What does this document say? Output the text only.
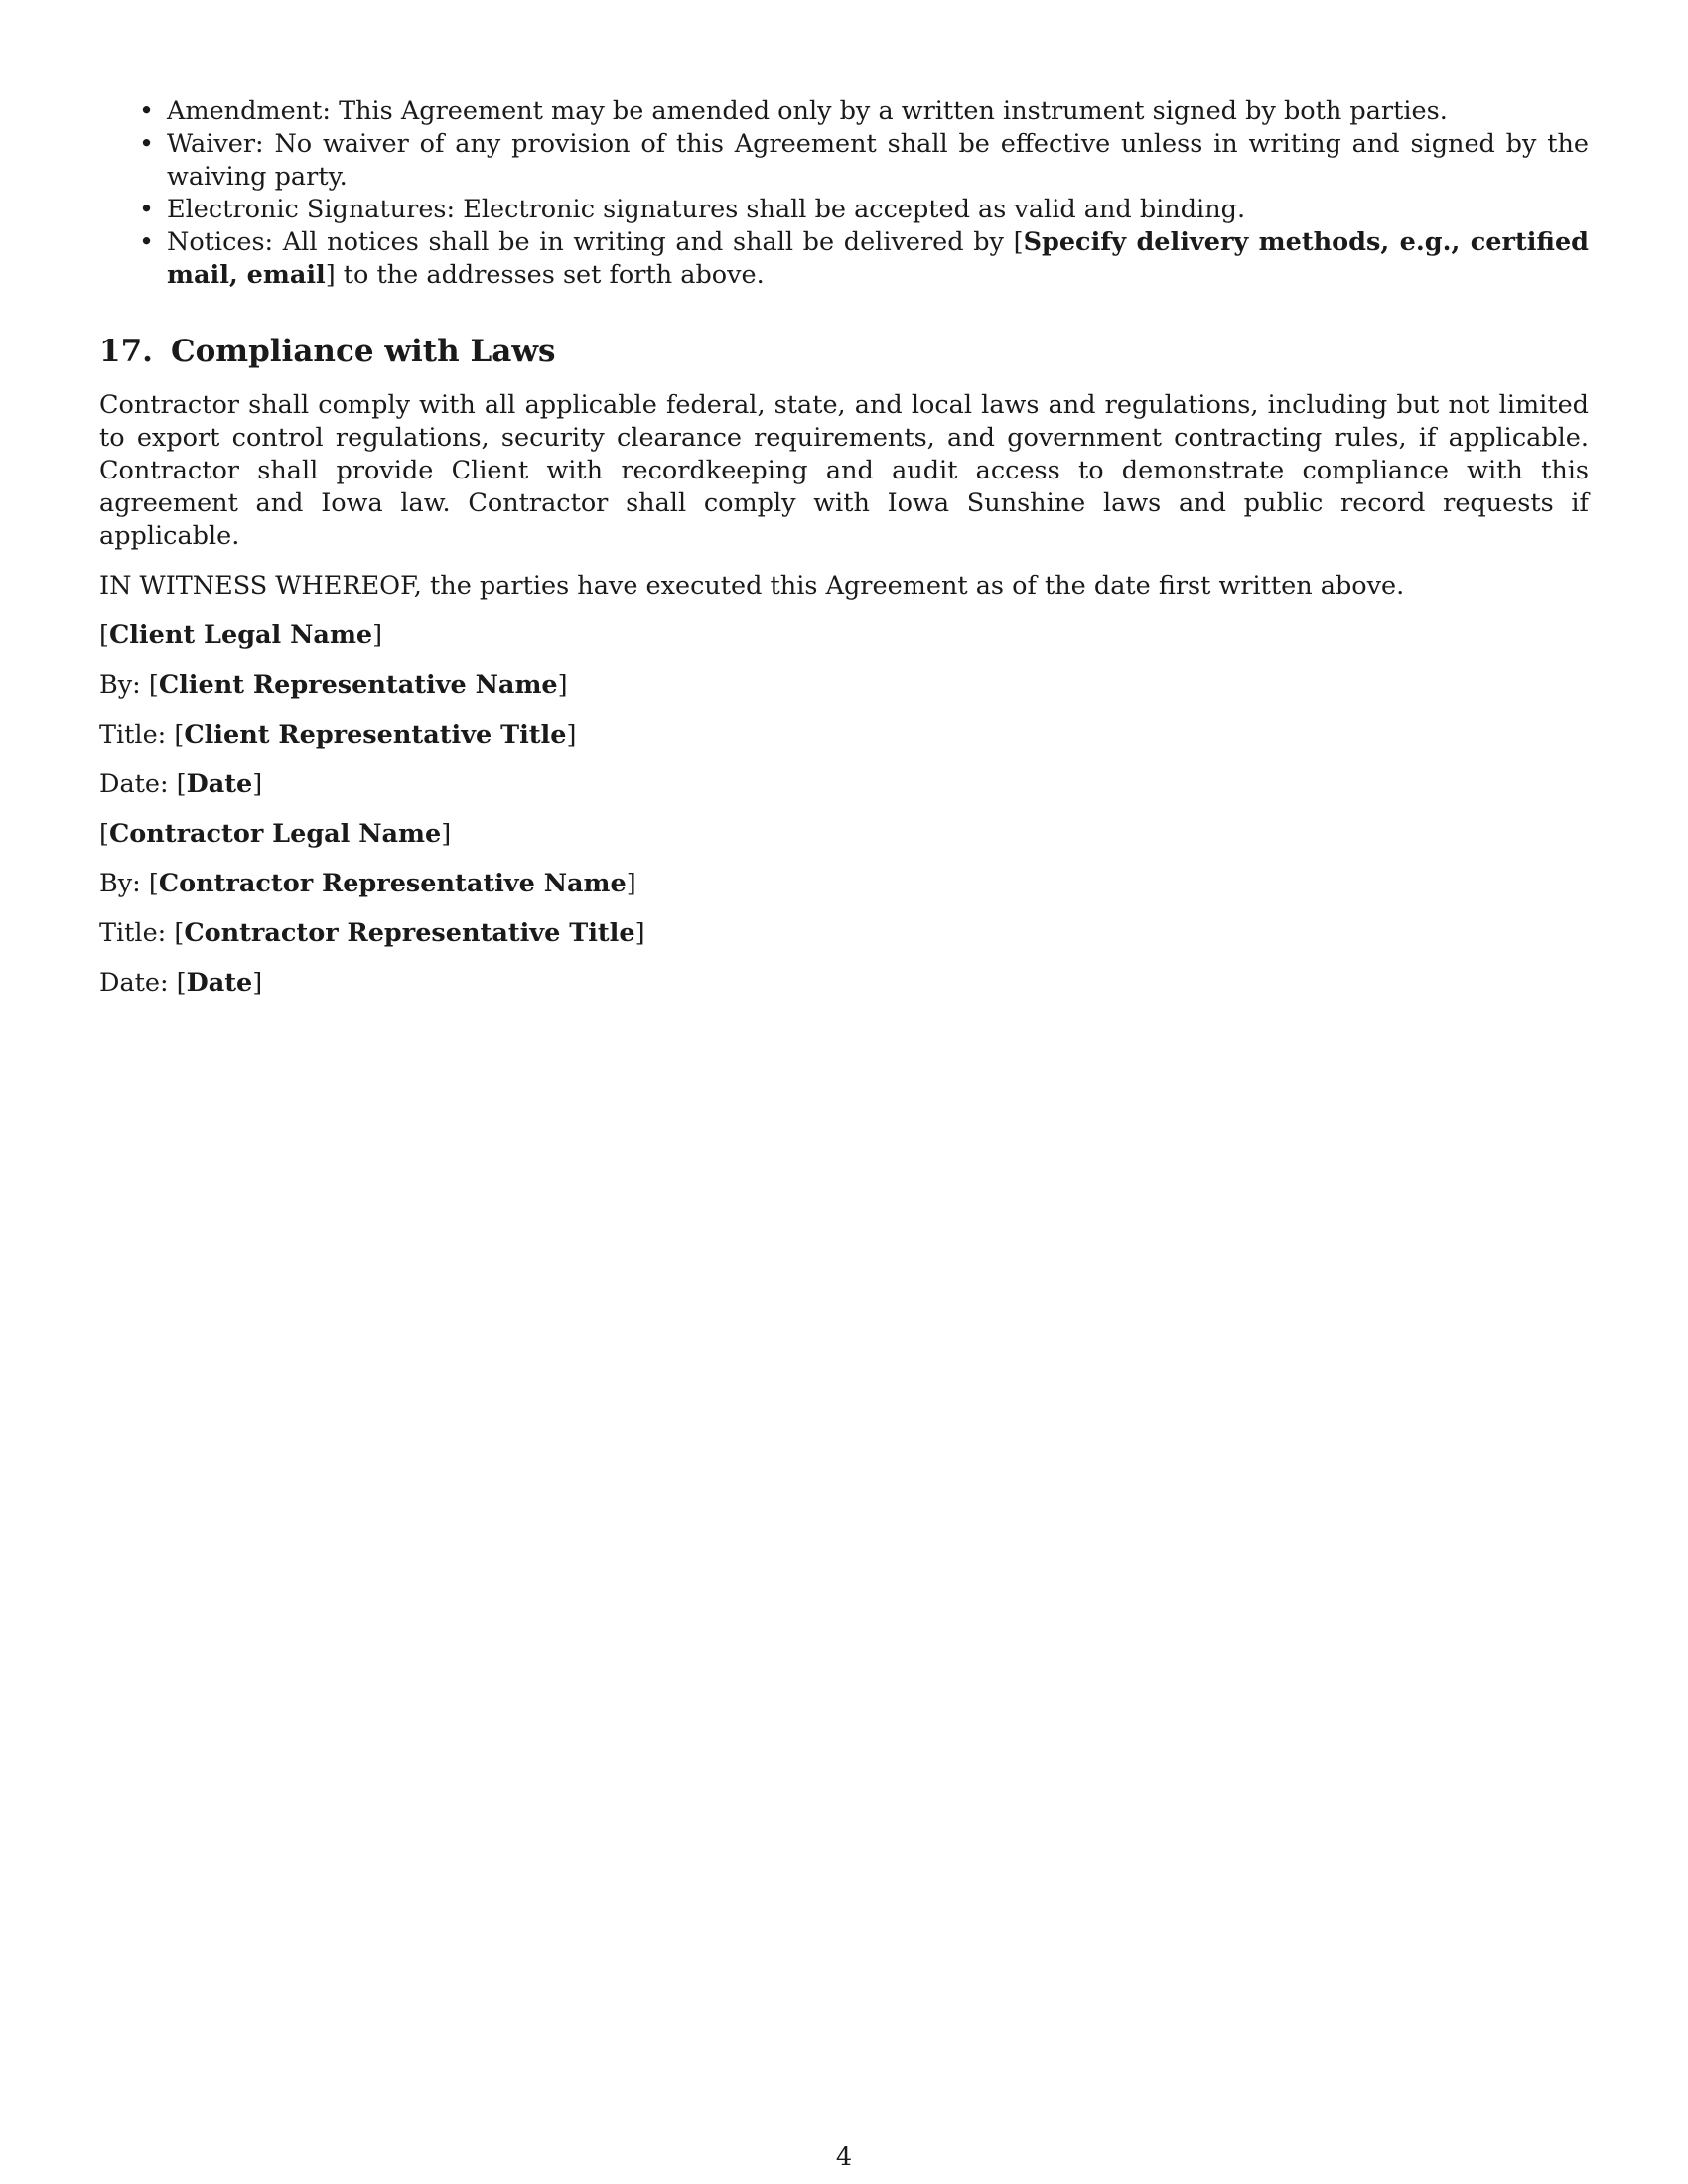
• Amendment: This Agreement may be amended only by a written instrument signed by both parties.
• Waiver: No waiver of any provision of this Agreement shall be effective unless in writing and signed by the waiving party.
• Electronic Signatures: Electronic signatures shall be accepted as valid and binding.
• Notices: All notices shall be in writing and shall be delivered by [Specify delivery methods, e.g., certified mail, email] to the addresses set forth above.
17. Compliance with Laws

Contractor shall comply with all applicable federal, state, and local laws and regulations, including but not limited to export control regulations, security clearance requirements, and government contracting rules, if applicable. Contractor shall provide Client with recordkeeping and audit access to demonstrate compliance with this agreement and Iowa law. Contractor shall comply with Iowa Sunshine laws and public record requests if applicable.

IN WITNESS WHEREOF, the parties have executed this Agreement as of the date first written above.

[Client Legal Name]
By: [Client Representative Name]
Title: [Client Representative Title]
Date: [Date]
[Contractor Legal Name]
By: [Contractor Representative Name]
Title: [Contractor Representative Title]
Date: [Date]
4
